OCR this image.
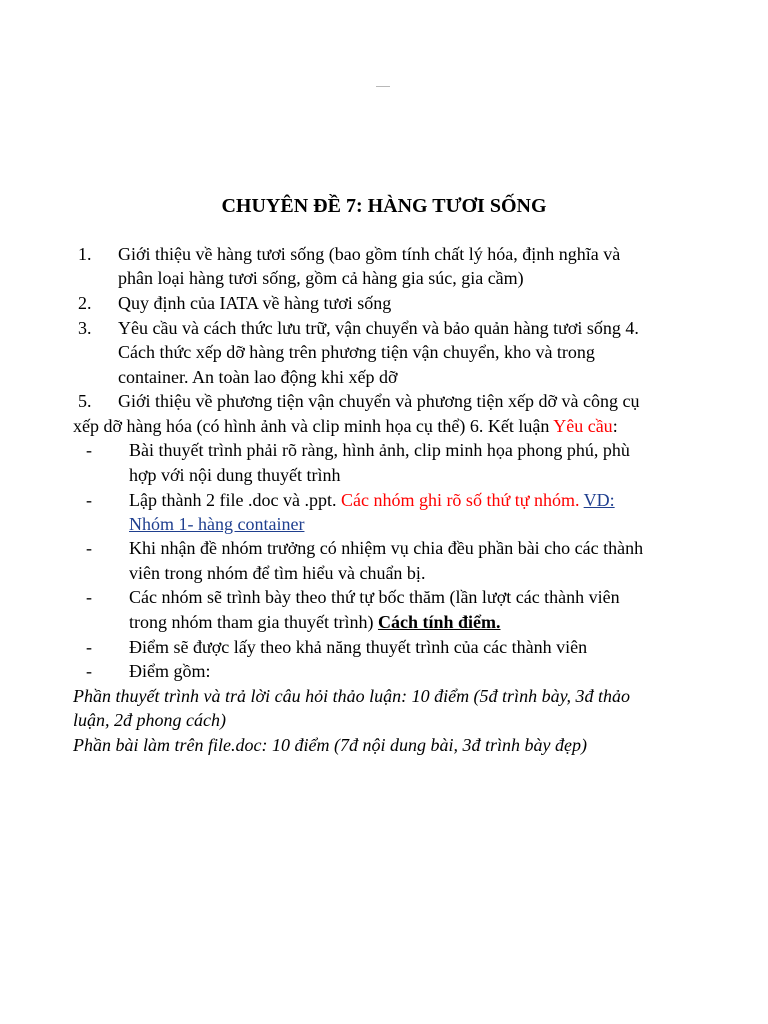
CHUYÊN ĐỀ 7: HÀNG TƯƠI SỐNG
1. Giới thiệu về hàng tươi sống (bao gồm tính chất lý hóa, định nghĩa và
phân loại hàng tươi sống, gồm cả hàng gia súc, gia cầm)
2. Quy định của IATA về hàng tươi sống
3. Yêu cầu và cách thức lưu trữ, vận chuyển và bảo quản hàng tươi sống 4.
Cách thức xếp dỡ hàng trên phương tiện vận chuyển, kho và trong
container. An toàn lao động khi xếp dỡ
5. Giới thiệu về phương tiện vận chuyển và phương tiện xếp dỡ và công cụ
xếp dỡ hàng hóa (có hình ảnh và clip minh họa cụ thể) 6. Kết luận Yêu cầu:
- Bài thuyết trình phải rõ ràng, hình ảnh, clip minh họa phong phú, phù
hợp với nội dung thuyết trình
- Lập thành 2 file .doc và .ppt. Các nhóm ghi rõ số thứ tự nhóm. VD:
Nhóm 1- hàng container
- Khi nhận đề nhóm trưởng có nhiệm vụ chia đều phần bài cho các thành
viên trong nhóm để tìm hiểu và chuẩn bị.
- Các nhóm sẽ trình bày theo thứ tự bốc thăm (lần lượt các thành viên
trong nhóm tham gia thuyết trình) Cách tính điểm.
- Điểm sẽ được lấy theo khả năng thuyết trình của các thành viên
- Điểm gồm:
Phần thuyết trình và trả lời câu hỏi thảo luận: 10 điểm (5đ trình bày, 3đ thảo
luận, 2đ phong cách)
Phần bài làm trên file.doc: 10 điểm (7đ nội dung bài, 3đ trình bày đẹp)
